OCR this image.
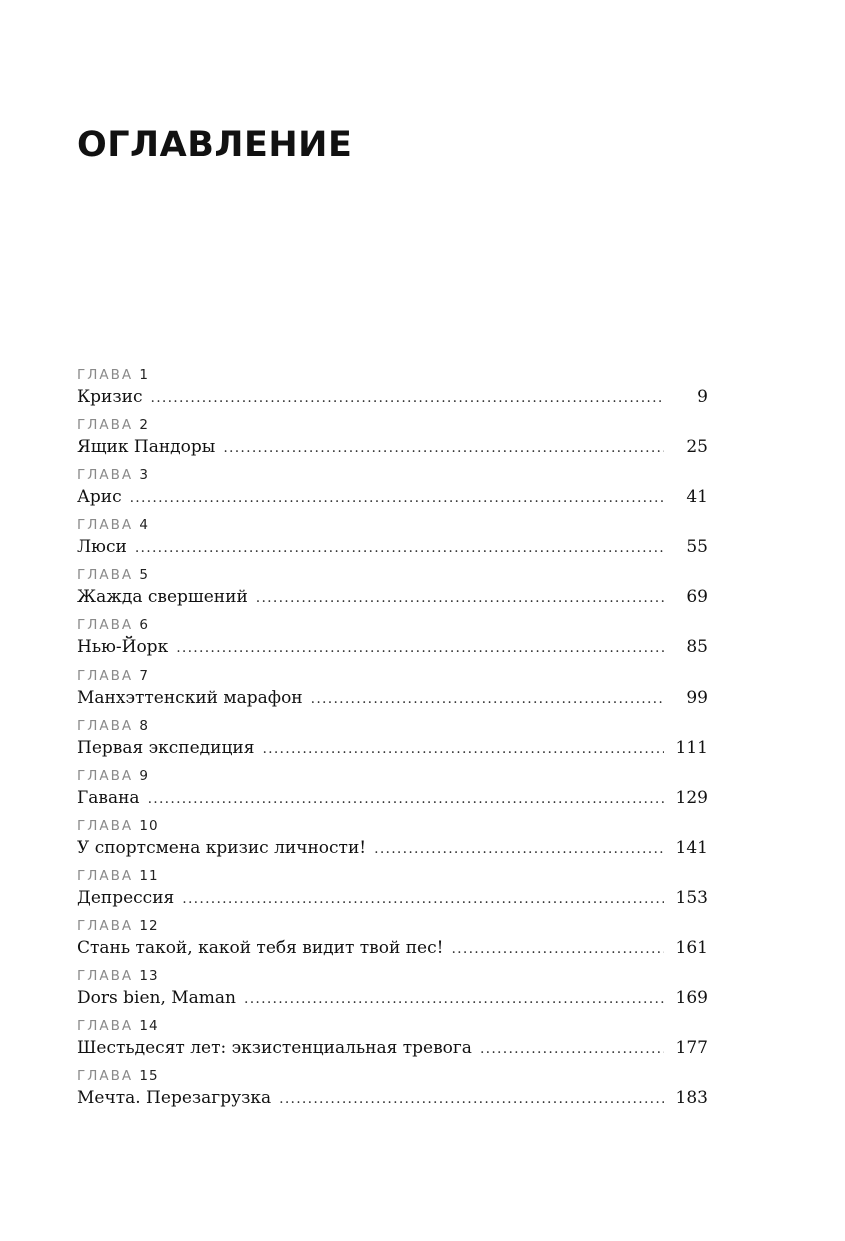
ОГЛАВЛЕНИЕ
ГЛАВА 1
Кризис . . .	9
ГЛАВА 2
Ящик Пандоры . . .	25
ГЛАВА 3
Арис . . .	41
ГЛАВА 4
Люси . . .	55
ГЛАВА 5
Жажда свершений . . .	69
ГЛАВА 6
Нью-Йорк . . .	85
ГЛАВА 7
Манхэттенский марафон . . .	99
ГЛАВА 8
Первая экспедиция . . .	111
ГЛАВА 9
Гавана . . .	129
ГЛАВА 10
У спортсмена кризис личности! . . .	141
ГЛАВА 11
Депрессия . . .	153
ГЛАВА 12
Стань такой, какой тебя видит твой пес! . . .	161
ГЛАВА 13
Dors bien, Maman . . .	169
ГЛАВА 14
Шестьдесят лет: экзистенциальная тревога . . .	177
ГЛАВА 15
Мечта. Перезагрузка . . .	183
